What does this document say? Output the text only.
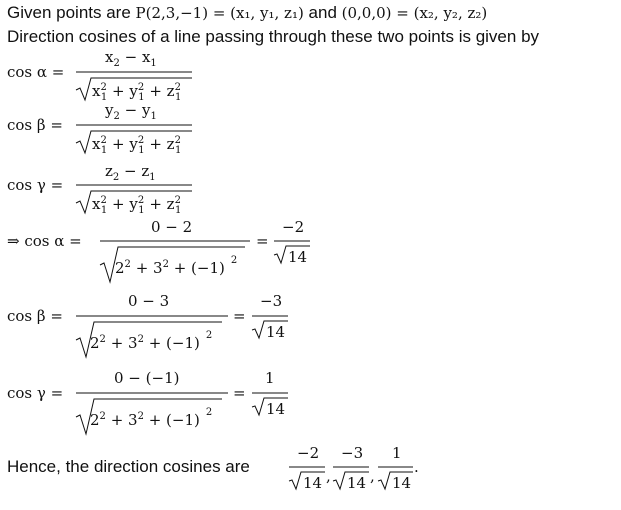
Given points are P(2,3,−1) = (x₁, y₁, z₁) and (0,0,0) = (x₂, y₂, z₂)
Direction cosines of a line passing through these two points is given by
cos α =
$x_2 - x_1$
$x^2$ $1 + y^2$ $1 + z^2$ 1
cos β =
$y_2 - y_1$
$x^2$ $1 + y^2$ $1 + z^2$ 1
cos γ =
$z_2 - z_1$
$x^2$ $1 + y^2$ $1 + z^2$ 1
⇒ cos α =
0 − 2
$2^2 + 3^2 + (-1)$ $^2$
=
−2
14
cos β =
0 − 3
$2^2 + 3^2 + (-1)$ $^2$
=
−3
14
cos γ =
0 − (−1)
$2^2 + 3^2 + (-1)$ $^2$
=
1
14
−2
14 ,
−3
14 ,
1
14
.
Hence, the direction cosines are
